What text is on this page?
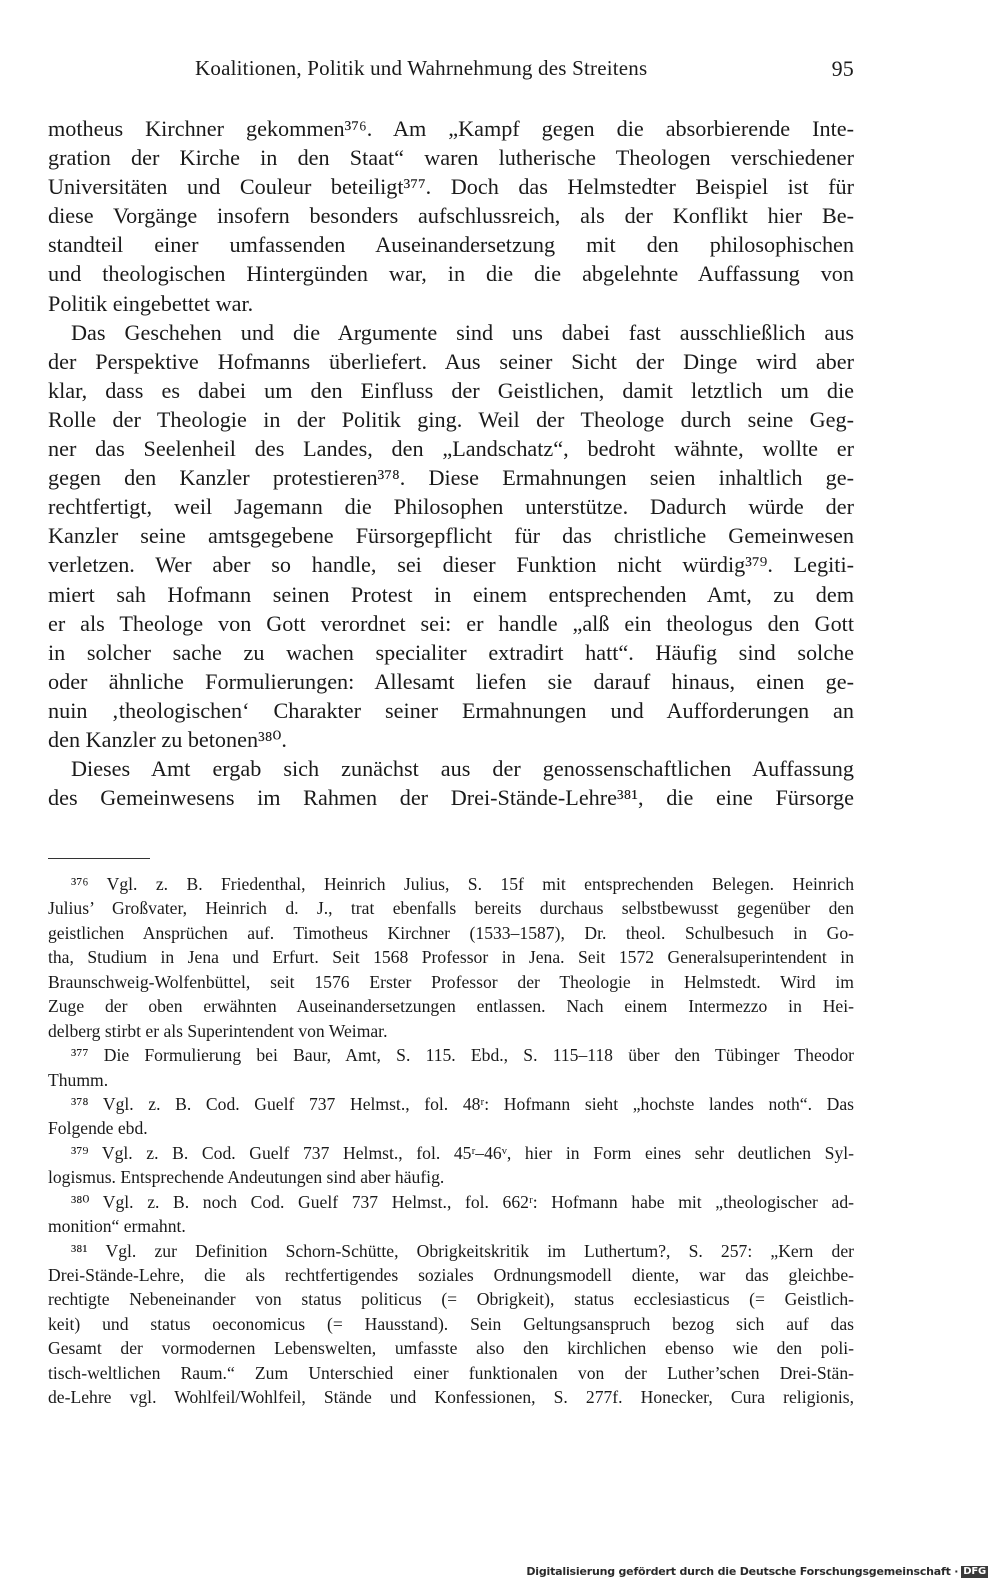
Koalitionen, Politik und Wahrnehmung des Streitens	95
motheus Kirchner gekommen³⁷⁶. Am „Kampf gegen die absorbierende Inte-
gration der Kirche in den Staat“ waren lutherische Theologen verschiedener
Universitäten und Couleur beteiligt³⁷⁷. Doch das Helmstedter Beispiel ist für
diese Vorgänge insofern besonders aufschlussreich, als der Konflikt hier Be-
standteil einer umfassenden Auseinandersetzung mit den philosophischen
und theologischen Hintergünden war, in die die abgelehnte Auffassung von
Politik eingebettet war.
Das Geschehen und die Argumente sind uns dabei fast ausschließlich aus
der Perspektive Hofmanns überliefert. Aus seiner Sicht der Dinge wird aber
klar, dass es dabei um den Einfluss der Geistlichen, damit letztlich um die
Rolle der Theologie in der Politik ging. Weil der Theologe durch seine Geg-
ner das Seelenheil des Landes, den „Landschatz“, bedroht wähnte, wollte er
gegen den Kanzler protestieren³⁷⁸. Diese Ermahnungen seien inhaltlich ge-
rechtfertigt, weil Jagemann die Philosophen unterstütze. Dadurch würde der
Kanzler seine amtsgegebene Fürsorgepflicht für das christliche Gemeinwesen
verletzen. Wer aber so handle, sei dieser Funktion nicht würdig³⁷⁹. Legiti-
miert sah Hofmann seinen Protest in einem entsprechenden Amt, zu dem
er als Theologe von Gott verordnet sei: er handle „alß ein theologus den Gott
in solcher sache zu wachen specialiter extradirt hatt“. Häufig sind solche
oder ähnliche Formulierungen: Allesamt liefen sie darauf hinaus, einen ge-
nuin ‚theologischen‘ Charakter seiner Ermahnungen und Aufforderungen an
den Kanzler zu betonen³⁸⁰.
Dieses Amt ergab sich zunächst aus der genossenschaftlichen Auffassung
des Gemeinwesens im Rahmen der Drei-Stände-Lehre³⁸¹, die eine Fürsorge
³⁷⁶ Vgl. z. B. Friedenthal, Heinrich Julius, S. 15f mit entsprechenden Belegen. Heinrich
Julius’ Großvater, Heinrich d. J., trat ebenfalls bereits durchaus selbstbewusst gegenüber den
geistlichen Ansprüchen auf. Timotheus Kirchner (1533–1587), Dr. theol. Schulbesuch in Go-
tha, Studium in Jena und Erfurt. Seit 1568 Professor in Jena. Seit 1572 Generalsuperintendent in
Braunschweig-Wolfenbüttel, seit 1576 Erster Professor der Theologie in Helmstedt. Wird im
Zuge der oben erwähnten Auseinandersetzungen entlassen. Nach einem Intermezzo in Hei-
delberg stirbt er als Superintendent von Weimar.
³⁷⁷ Die Formulierung bei Baur, Amt, S. 115. Ebd., S. 115–118 über den Tübinger Theodor
Thumm.
³⁷⁸ Vgl. z. B. Cod. Guelf 737 Helmst., fol. 48ʳ: Hofmann sieht „hochste landes noth“. Das
Folgende ebd.
³⁷⁹ Vgl. z. B. Cod. Guelf 737 Helmst., fol. 45ʳ–46ᵛ, hier in Form eines sehr deutlichen Syl-
logismus. Entsprechende Andeutungen sind aber häufig.
³⁸⁰ Vgl. z. B. noch Cod. Guelf 737 Helmst., fol. 662ʳ: Hofmann habe mit „theologischer ad-
monition“ ermahnt.
³⁸¹ Vgl. zur Definition Schorn-Schütte, Obrigkeitskritik im Luthertum?, S. 257: „Kern der
Drei-Stände-Lehre, die als rechtfertigendes soziales Ordnungsmodell diente, war das gleichbe-
rechtigte Nebeneinander von status politicus (= Obrigkeit), status ecclesiasticus (= Geistlich-
keit) und status oeconomicus (= Hausstand). Sein Geltungsanspruch bezog sich auf das
Gesamt der vormodernen Lebenswelten, umfasste also den kirchlichen ebenso wie den poli-
tisch-weltlichen Raum.“ Zum Unterschied einer funktionalen von der Luther’schen Drei-Stän-
de-Lehre vgl. Wohlfeil/Wohlfeil, Stände und Konfessionen, S. 277f. Honecker, Cura religionis,
Digitalisierung gefördert durch die Deutsche Forschungsgemeinschaft · DFG
